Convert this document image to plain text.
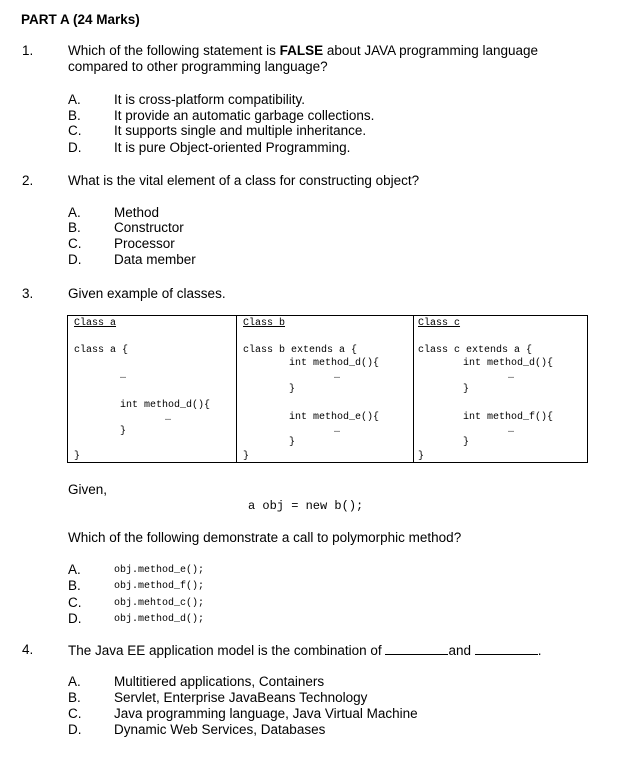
PART A (24 Marks)
1.	Which of the following statement is FALSE about JAVA programming language
compared to other programming language?
A. It is cross-platform compatibility.
B. It provide an automatic garbage collections.
C. It supports single and multiple inheritance.
D. It is pure Object-oriented Programming.
2.	What is the vital element of a class for constructing object?
A. Method
B. Constructor
C. Processor
D. Data member
3.	Given example of classes.
Class a
class a {
…
int method_d(){
…
}
}

Class b
class b extends a {
int method_d(){
…
}
int method_e(){
…
}
}

Class c
class c extends a {
int method_d(){
…
}
int method_f(){
…
}
}
Given,
a obj = new b();
Which of the following demonstrate a call to polymorphic method?
A.	obj.method_e();
B.	obj.method_f();
C.	obj.mehtod_c();
D.	obj.method_d();
4.	The Java EE application model is the combination of	and	.
A. Multitiered applications, Containers
B. Servlet, Enterprise JavaBeans Technology
C. Java programming language, Java Virtual Machine
D. Dynamic Web Services, Databases
